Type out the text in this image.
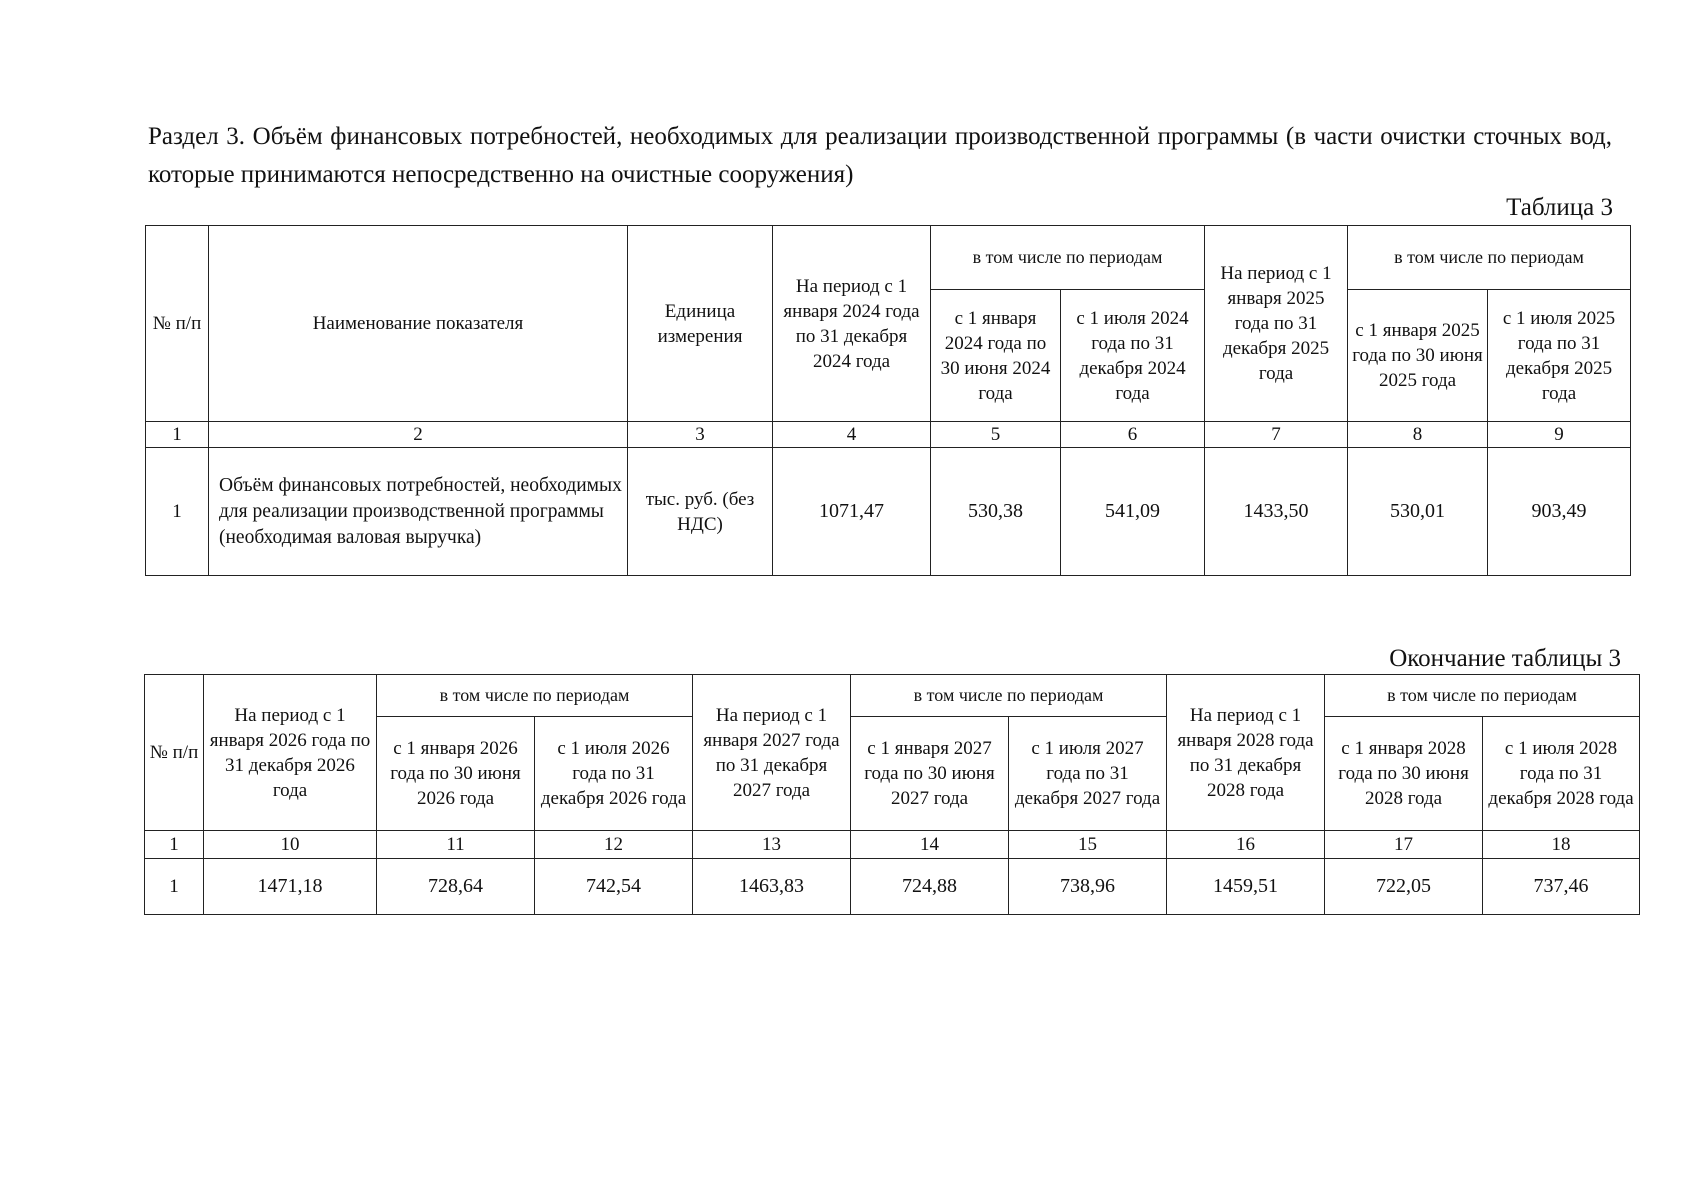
Раздел 3. Объём финансовых потребностей, необходимых для реализации производственной программы (в части очистки сточных вод, которые принимаются непосредственно на очистные сооружения)
Таблица 3
№ п/п	Наименование показателя	Единица измерения	На период с 1 января 2024 года по 31 декабря 2024 года	в том числе по периодам		На период с 1 января 2025 года по 31 декабря 2025 года	в том числе по периодам	
				с 1 января 2024 года по 30 июня 2024 года	с 1 июля 2024 года по 31 декабря 2024 года		с 1 января 2025 года по 30 июня 2025 года	с 1 июля 2025 года по 31 декабря 2025 года
1	2	3	4	5	6	7	8	9
1	Объём финансовых потребностей, необходимых для реализации производственной программы (необходимая валовая выручка)	тыс. руб. (без НДС)	1071,47	530,38	541,09	1433,50	530,01	903,49
Окончание таблицы 3
№ п/п	На период с 1 января 2026 года по 31 декабря 2026 года	в том числе по периодам		На период с 1 января 2027 года по 31 декабря 2027 года	в том числе по периодам		На период с 1 января 2028 года по 31 декабря 2028 года	в том числе по периодам	
		с 1 января 2026 года по 30 июня 2026 года	с 1 июля 2026 года по 31 декабря 2026 года		с 1 января 2027 года по 30 июня 2027 года	с 1 июля 2027 года по 31 декабря 2027 года		с 1 января 2028 года по 30 июня 2028 года	с 1 июля 2028 года по 31 декабря 2028 года
1	10	11	12	13	14	15	16	17	18
1	1471,18	728,64	742,54	1463,83	724,88	738,96	1459,51	722,05	737,46
